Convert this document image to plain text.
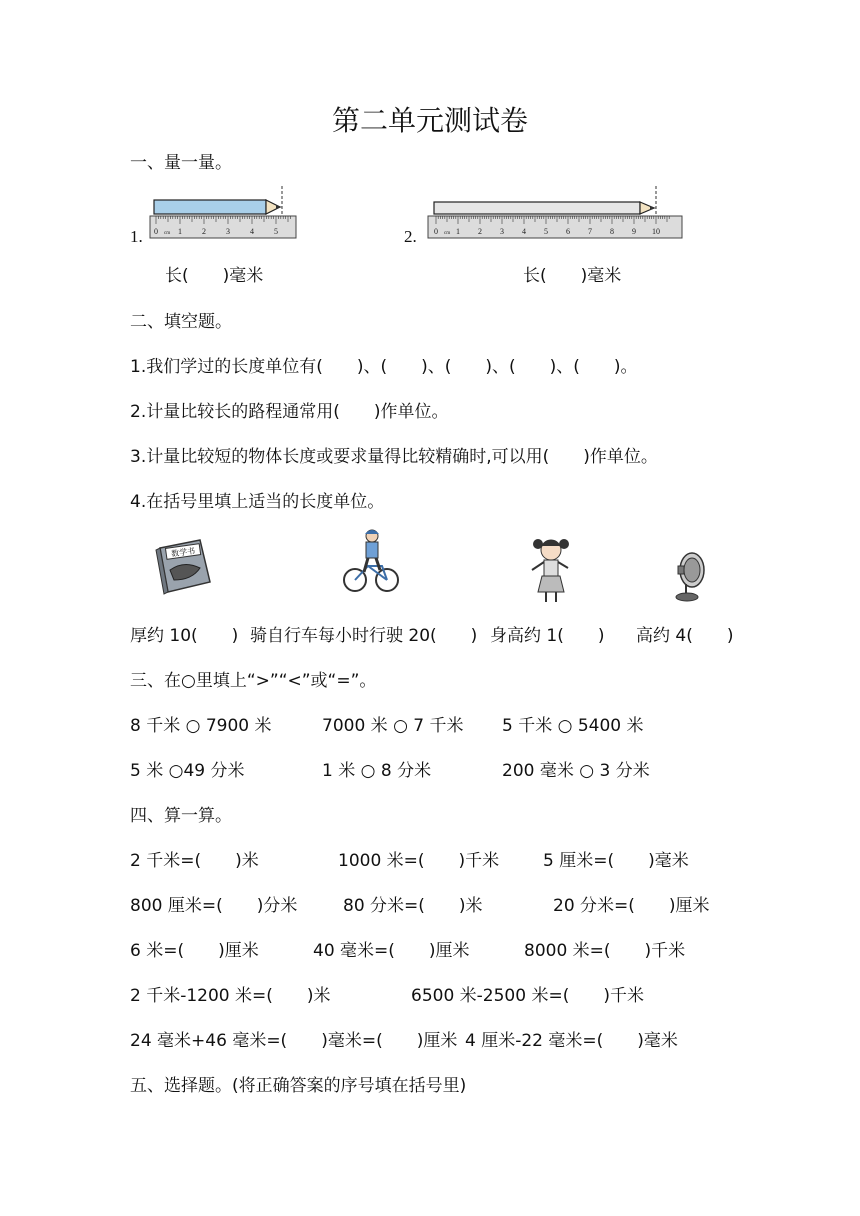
第二单元测试卷
一、量一量。
1. 0	1	2	3	4	5
cm	2. 0 1 2 3 4 5 6 7 8 9 10
cm
长(　　)毫米	长(　　)毫米
二、填空题。
1.我们学过的长度单位有(　　)、(　　)、(　　)、(　　)、(　　)。
2.计量比较长的路程通常用(　　)作单位。
3.计量比较短的物体长度或要求量得比较精确时,可以用(　　)作单位。
4.在括号里填上适当的长度单位。
数学书
厚约 10(　　) 骑自行车每小时行驶 20(　　) 身高约 1(　　) 高约 4(　　)
三、在○里填上“>”“<”或“=”。
8 千米 ○ 7900 米	7000 米 ○ 7 千米 5 千米 ○ 5400 米
5 米 ○49 分米	1 米 ○ 8 分米	200 毫米 ○ 3 分米
四、算一算。
2 千米=(　　)米	1000 米=(　　)千米	5 厘米=(　　)毫米
800 厘米=(　　)分米	80 分米=(　　)米	20 分米=(　　)厘米
6 米=(　　)厘米	40 毫米=(　　)厘米	8000 米=(　　)千米
2 千米-1200 米=(　　)米	6500 米-2500 米=(　　)千米
24 毫米+46 毫米=(　　)毫米=(　　)厘米 4 厘米-22 毫米=(　　)毫米
五、选择题。(将正确答案的序号填在括号里)
